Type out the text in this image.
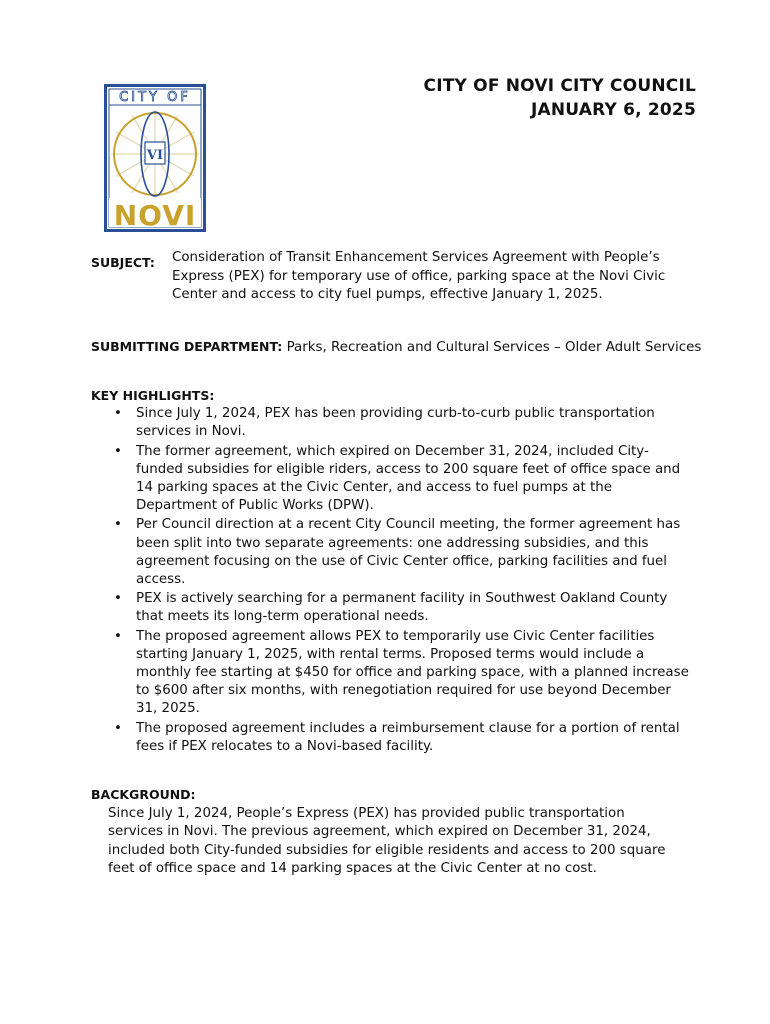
CITY OF
VI
NOVI
CITY OF NOVI CITY COUNCIL
JANUARY 6, 2025
SUBJECT: Consideration of Transit Enhancement Services Agreement with People’s Express (PEX) for temporary use of office, parking space at the Novi Civic Center and access to city fuel pumps, effective January 1, 2025.
SUBMITTING DEPARTMENT: Parks, Recreation and Cultural Services – Older Adult Services
KEY HIGHLIGHTS:
• Since July 1, 2024, PEX has been providing curb-to-curb public transportation services in Novi.
• The former agreement, which expired on December 31, 2024, included City-funded subsidies for eligible riders, access to 200 square feet of office space and 14 parking spaces at the Civic Center, and access to fuel pumps at the Department of Public Works (DPW).
• Per Council direction at a recent City Council meeting, the former agreement has been split into two separate agreements: one addressing subsidies, and this agreement focusing on the use of Civic Center office, parking facilities and fuel access.
• PEX is actively searching for a permanent facility in Southwest Oakland County that meets its long-term operational needs.
• The proposed agreement allows PEX to temporarily use Civic Center facilities starting January 1, 2025, with rental terms. Proposed terms would include a monthly fee starting at $450 for office and parking space, with a planned increase to $600 after six months, with renegotiation required for use beyond December 31, 2025.
• The proposed agreement includes a reimbursement clause for a portion of rental fees if PEX relocates to a Novi-based facility.
BACKGROUND:
Since July 1, 2024, People’s Express (PEX) has provided public transportation services in Novi. The previous agreement, which expired on December 31, 2024, included both City-funded subsidies for eligible residents and access to 200 square feet of office space and 14 parking spaces at the Civic Center at no cost.
